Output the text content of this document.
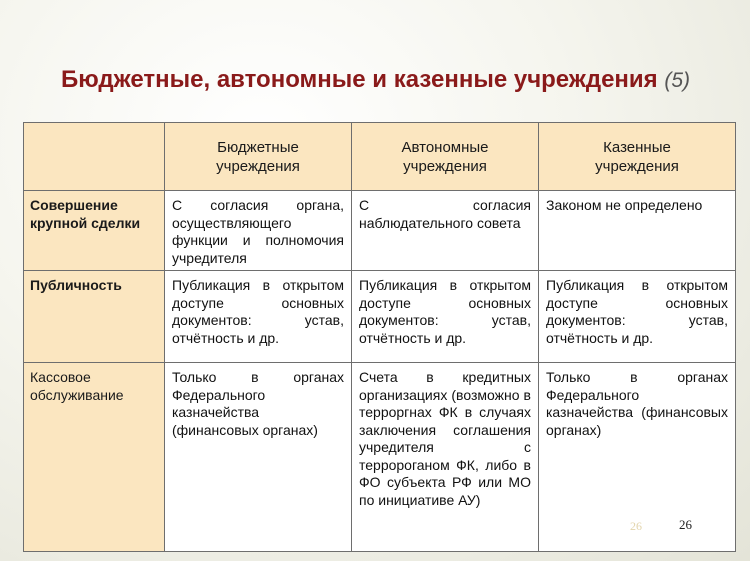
Бюджетные, автономные и казенные учреждения (5)

	Бюджетные учреждения	Автономные учреждения	Казенные учреждения

Совершение крупной сделки	С согласия органа, осуществляющего функции и полномочия учредителя	С согласия наблюдательного совета	Законом не определено
Публичность	Публикация в открытом доступе основных документов: устав, отчётность и др.	Публикация в открытом доступе основных документов: устав, отчётность и др.	Публикация в открытом доступе основных документов: устав, отчётность и др.
Кассовое обслуживание	Только в органах Федерального казначейства (финансовых органах)	Счета в кредитных организациях (возможно в терроргнах ФК в случаях заключения соглашения учредителя с терророганом ФК, либо в ФО субъекта РФ или МО по инициативе АУ)	Только в органах Федерального казначейства (финансовых органах)
26	26
